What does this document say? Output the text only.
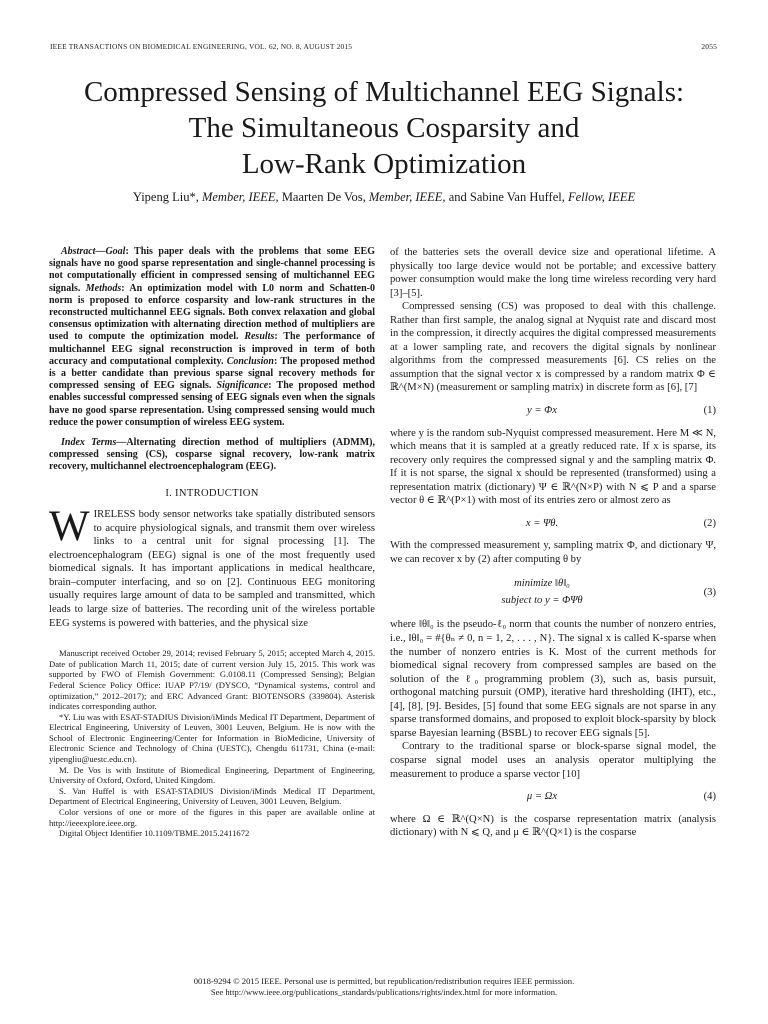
IEEE TRANSACTIONS ON BIOMEDICAL ENGINEERING, VOL. 62, NO. 8, AUGUST 2015	2055
Compressed Sensing of Multichannel EEG Signals:
The Simultaneous Cosparsity and
Low-Rank Optimization
Yipeng Liu*, Member, IEEE, Maarten De Vos, Member, IEEE, and Sabine Van Huffel, Fellow, IEEE

Abstract—Goal: This paper deals with the problems that some EEG signals have no good sparse representation and single-channel processing is not computationally efficient in compressed sensing of multichannel EEG signals. Methods: An optimization model with L0 norm and Schatten-0 norm is proposed to enforce cosparsity and low-rank structures in the reconstructed multichannel EEG signals. Both convex relaxation and global consensus optimization with alternating direction method of multipliers are used to compute the optimization model. Results: The performance of multichannel EEG signal reconstruction is improved in term of both accuracy and computational complexity. Conclusion: The proposed method is a better candidate than previous sparse signal recovery methods for compressed sensing of EEG signals. Significance: The proposed method enables successful compressed sensing of EEG signals even when the signals have no good sparse representation. Using compressed sensing would much reduce the power consumption of wireless EEG system.

Index Terms—Alternating direction method of multipliers (ADMM), compressed sensing (CS), cosparse signal recovery, low-rank matrix recovery, multichannel electroencephalogram (EEG).

I. INTRODUCTION

WIRELESS body sensor networks take spatially distributed sensors to acquire physiological signals, and transmit them over wireless links to a central unit for signal processing [1]. The electroencephalogram (EEG) signal is one of the most frequently used biomedical signals. It has important applications in medical healthcare, brain–computer interfacing, and so on [2]. Continuous EEG monitoring usually requires large amount of data to be sampled and transmitted, which leads to large size of batteries. The recording unit of the wireless portable EEG systems is powered with batteries, and the physical size

Manuscript received October 29, 2014; revised February 5, 2015; accepted March 4, 2015. Date of publication March 11, 2015; date of current version July 15, 2015. This work was supported by FWO of Flemish Government: G.0108.11 (Compressed Sensing); Belgian Federal Science Policy Office: IUAP P7/19/ (DYSCO, “Dynamical systems, control and optimization,” 2012–2017); and ERC Advanced Grant: BIOTENSORS (339804). Asterisk indicates corresponding author.

*Y. Liu was with ESAT-STADIUS Division/iMinds Medical IT Department, Department of Electrical Engineering, University of Leuven, 3001 Leuven, Belgium. He is now with the School of Electronic Engineering/Center for Information in BioMedicine, University of Electronic Science and Technology of China (UESTC), Chengdu 611731, China (e-mail: yipengliu@uestc.edu.cn).

M. De Vos is with Institute of Biomedical Engineering, Department of Engineering, University of Oxford, Oxford, United Kingdom.

S. Van Huffel is with ESAT-STADIUS Division/iMinds Medical IT Department, Department of Electrical Engineering, University of Leuven, 3001 Leuven, Belgium.

Color versions of one or more of the figures in this paper are available online at http://ieeexplore.ieee.org.

Digital Object Identifier 10.1109/TBME.2015.2411672

of the batteries sets the overall device size and operational lifetime. A physically too large device would not be portable; and excessive battery power consumption would make the long time wireless recording very hard [3]–[5].

Compressed sensing (CS) was proposed to deal with this challenge. Rather than first sample, the analog signal at Nyquist rate and discard most in the compression, it directly acquires the digital compressed measurements at a lower sampling rate, and recovers the digital signals by nonlinear algorithms from the compressed measurements [6]. CS relies on the assumption that the signal vector x is compressed by a random matrix Φ ∈ ℝ^(M×N) (measurement or sampling matrix) in discrete form as [6], [7]

y = Φx	(1)

where y is the random sub-Nyquist compressed measurement. Here M ≪ N, which means that it is sampled at a greatly reduced rate. If x is sparse, its recovery only requires the compressed signal y and the sampling matrix Φ. If it is not sparse, the signal x should be represented (transformed) using a representation matrix (dictionary) Ψ ∈ ℝ^(N×P) with N ⩽ P and a sparse vector θ ∈ ℝ^(P×1) with most of its entries zero or almost zero as

x = Ψθ.	(2)

With the compressed measurement y, sampling matrix Φ, and dictionary Ψ, we can recover x by (2) after computing θ by

minimize ‖θ‖₀
subject to y = ΦΨθ
(3)

where ‖θ‖₀ is the pseudo-ℓ₀ norm that counts the number of nonzero entries, i.e., ‖θ‖₀ = #{θₙ ≠ 0, n = 1, 2, . . . , N}. The signal x is called K-sparse when the number of nonzero entries is K. Most of the current methods for biomedical signal recovery from compressed samples are based on the solution of the ℓ₀ programming problem (3), such as, basis pursuit, orthogonal matching pursuit (OMP), iterative hard thresholding (IHT), etc., [4], [8], [9]. Besides, [5] found that some EEG signals are not sparse in any sparse transformed domains, and proposed to exploit block-sparsity by block sparse Bayesian learning (BSBL) to recover EEG signals [5].

Contrary to the traditional sparse or block-sparse signal model, the cosparse signal model uses an analysis operator multiplying the measurement to produce a sparse vector [10]

μ = Ωx	(4)

where Ω ∈ ℝ^(Q×N) is the cosparse representation matrix (analysis dictionary) with N ⩽ Q, and μ ∈ ℝ^(Q×1) is the cosparse

0018-9294 © 2015 IEEE. Personal use is permitted, but republication/redistribution requires IEEE permission.
See http://www.ieee.org/publications_standards/publications/rights/index.html for more information.
